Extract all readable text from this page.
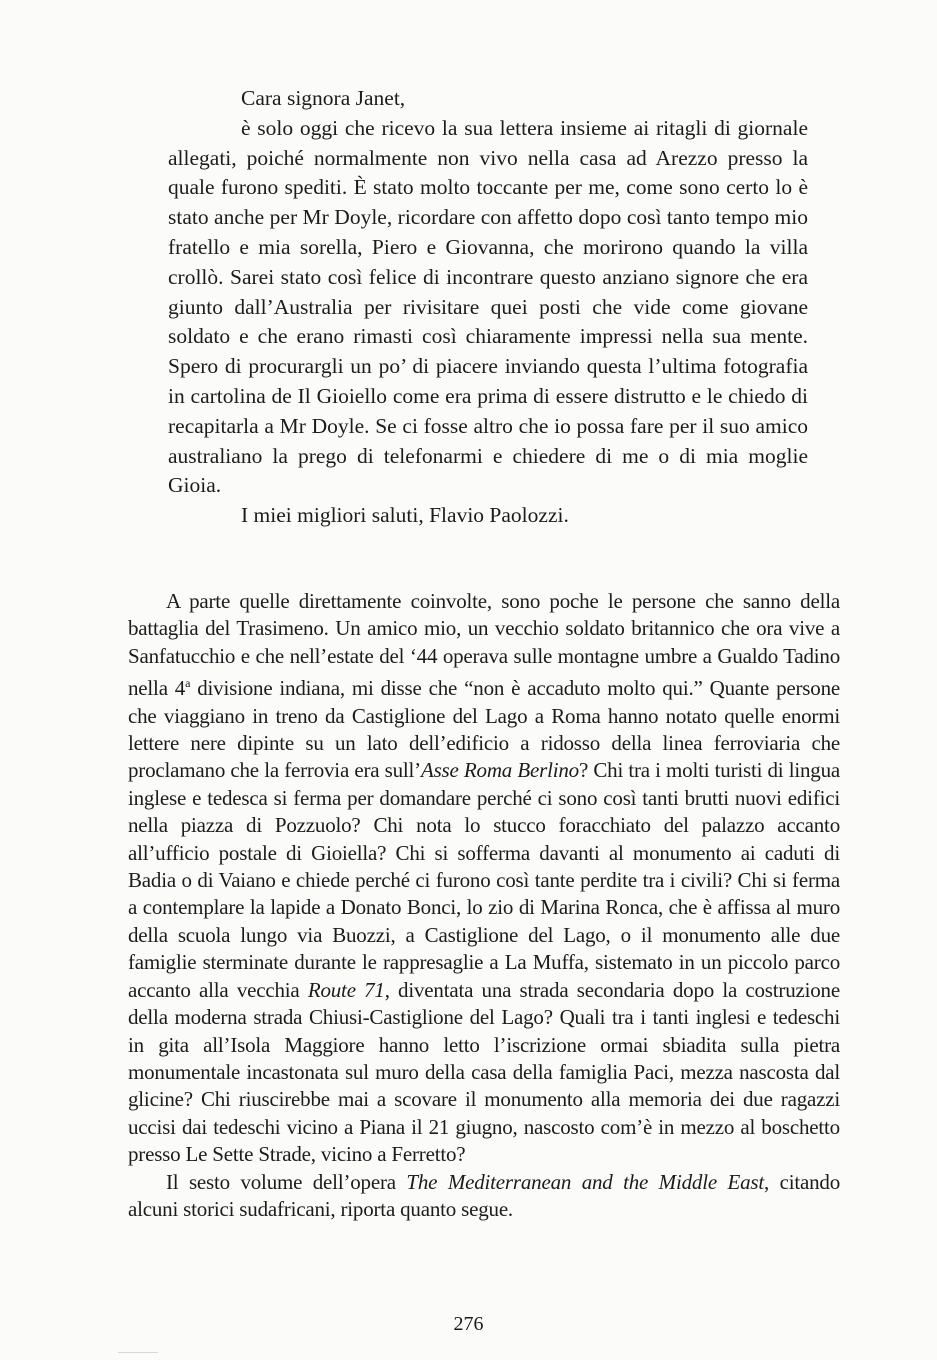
Cara signora Janet,

è solo oggi che ricevo la sua lettera insieme ai ritagli di giornale allegati, poiché normalmente non vivo nella casa ad Arezzo presso la quale furono spediti. È stato molto toccante per me, come sono certo lo è stato anche per Mr Doyle, ricordare con affetto dopo così tanto tempo mio fratello e mia sorella, Piero e Giovanna, che morirono quando la villa crollò. Sarei stato così felice di incontrare questo anziano signore che era giunto dall’Australia per rivisitare quei posti che vide come giovane soldato e che erano rimasti così chiaramente impressi nella sua mente. Spero di procurargli un po’ di piacere inviando questa l’ultima fotografia in cartolina de Il Gioiello come era prima di essere distrutto e le chiedo di recapitarla a Mr Doyle. Se ci fosse altro che io possa fare per il suo amico australiano la prego di telefonarmi e chiedere di me o di mia moglie Gioia.

I miei migliori saluti, Flavio Paolozzi.

A parte quelle direttamente coinvolte, sono poche le persone che sanno della battaglia del Trasimeno. Un amico mio, un vecchio soldato britannico che ora vive a Sanfatucchio e che nell’estate del ‘44 operava sulle montagne umbre a Gualdo Tadino nella 4$^a$ divisione indiana, mi disse che “non è accaduto molto qui.” Quante persone che viaggiano in treno da Castiglione del Lago a Roma hanno notato quelle enormi lettere nere dipinte su un lato dell’edificio a ridosso della linea ferroviaria che proclamano che la ferrovia era sull’Asse Roma Berlino? Chi tra i molti turisti di lingua inglese e tedesca si ferma per domandare perché ci sono così tanti brutti nuovi edifici nella piazza di Pozzuolo? Chi nota lo stucco foracchiato del palazzo accanto all’ufficio postale di Gioiella? Chi si sofferma davanti al monumento ai caduti di Badia o di Vaiano e chiede perché ci furono così tante perdite tra i civili? Chi si ferma a contemplare la lapide a Donato Bonci, lo zio di Marina Ronca, che è affissa al muro della scuola lungo via Buozzi, a Castiglione del Lago, o il monumento alle due famiglie sterminate durante le rappresaglie a La Muffa, sistemato in un piccolo parco accanto alla vecchia Route 71, diventata una strada secondaria dopo la costruzione della moderna strada Chiusi-Castiglione del Lago? Quali tra i tanti inglesi e tedeschi in gita all’Isola Maggiore hanno letto l’iscrizione ormai sbiadita sulla pietra monumentale incastonata sul muro della casa della famiglia Paci, mezza nascosta dal glicine? Chi riuscirebbe mai a scovare il monumento alla memoria dei due ragazzi uccisi dai tedeschi vicino a Piana il 21 giugno, nascosto com’è in mezzo al boschetto presso Le Sette Strade, vicino a Ferretto?

Il sesto volume dell’opera The Mediterranean and the Middle East, citando alcuni storici sudafricani, riporta quanto segue.

276
